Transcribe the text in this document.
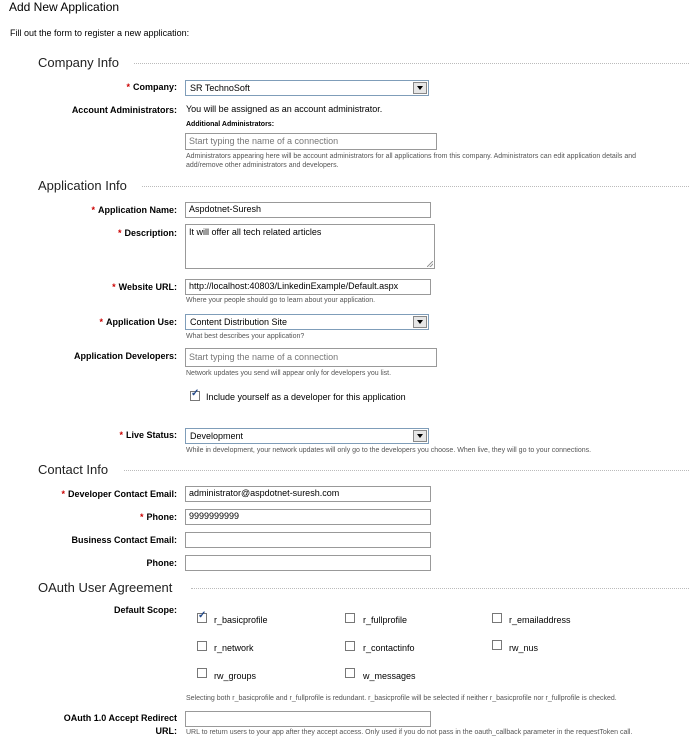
Add New Application
Fill out the form to register a new application:
Company Info
* Company:	SR TechnoSoft
Account Administrators: You will be assigned as an account administrator.
Additional Administrators:
Start typing the name of a connection
Administrators appearing here will be account administrators for all applications from this company. Administrators can edit application details and
add/remove other administrators and developers.
Application Info
* Application Name:	Aspdotnet-Suresh
* Description:	It will offer all tech related articles
* Website URL:	http://localhost:40803/LinkedinExample/Default.aspx
Where your people should go to learn about your application.
* Application Use:	Content Distribution Site
What best describes your application?
Application Developers:	Start typing the name of a connection
Network updates you send will appear only for developers you list.
✓
Include yourself as a developer for this application
* Live Status:	Development
While in development, your network updates will only go to the developers you choose. When live, they will go to your connections.
Contact Info
* Developer Contact Email:	administrator@aspdotnet-suresh.com
* Phone:	9999999999
Business Contact Email:
Phone:
OAuth User Agreement
Default Scope:
✓
r_basicprofile	r_fullprofile	r_emailaddress
r_network	r_contactinfo	rw_nus
rw_groups	w_messages
Selecting both r_basicprofile and r_fullprofile is redundant. r_basicprofile will be selected if neither r_basicprofile nor r_fullprofile is checked.
OAuth 1.0 Accept Redirect
URL: URL to return users to your app after they accept access. Only used if you do not pass in the oauth_callback parameter in the requestToken call.
